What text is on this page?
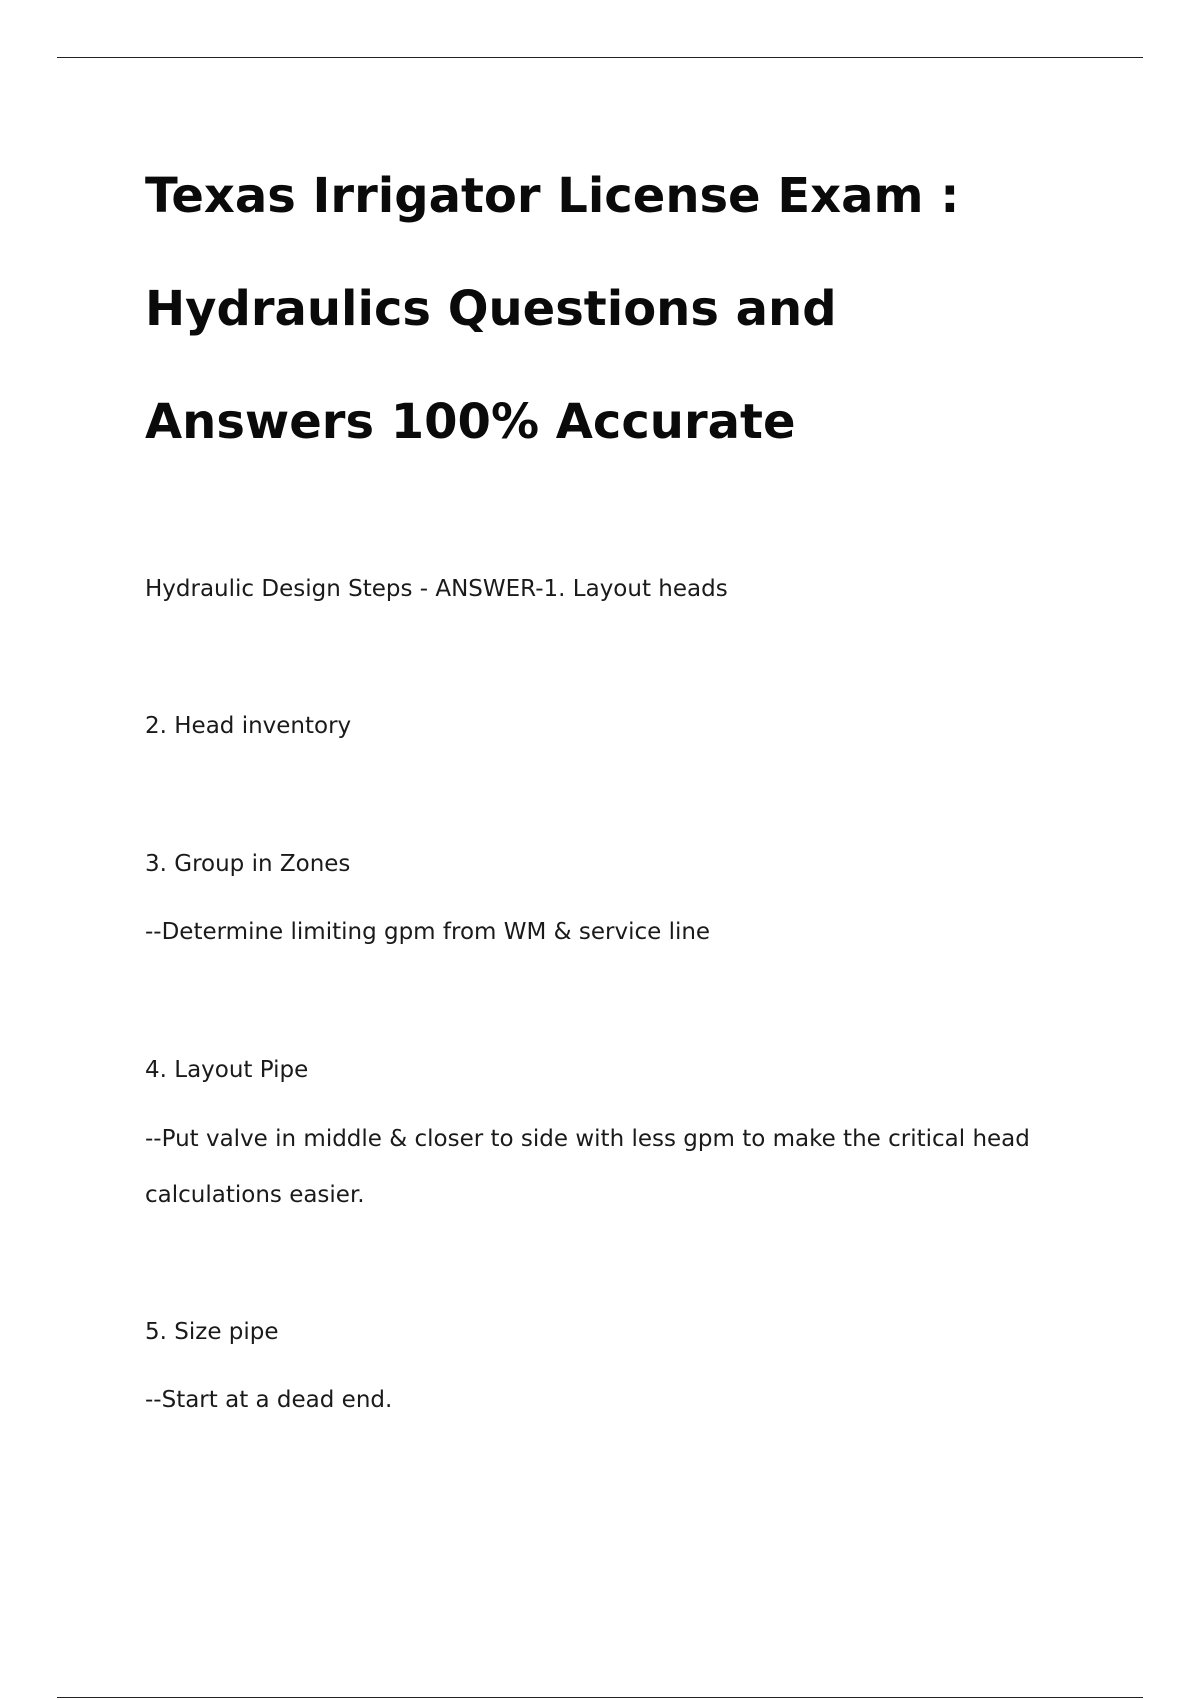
Texas Irrigator License Exam :
Hydraulics Questions and
Answers 100% Accurate

Hydraulic Design Steps - ANSWER-1. Layout heads

2. Head inventory

3. Group in Zones

--Determine limiting gpm from WM & service line

4. Layout Pipe

--Put valve in middle & closer to side with less gpm to make the critical head calculations easier.

5. Size pipe

--Start at a dead end.
